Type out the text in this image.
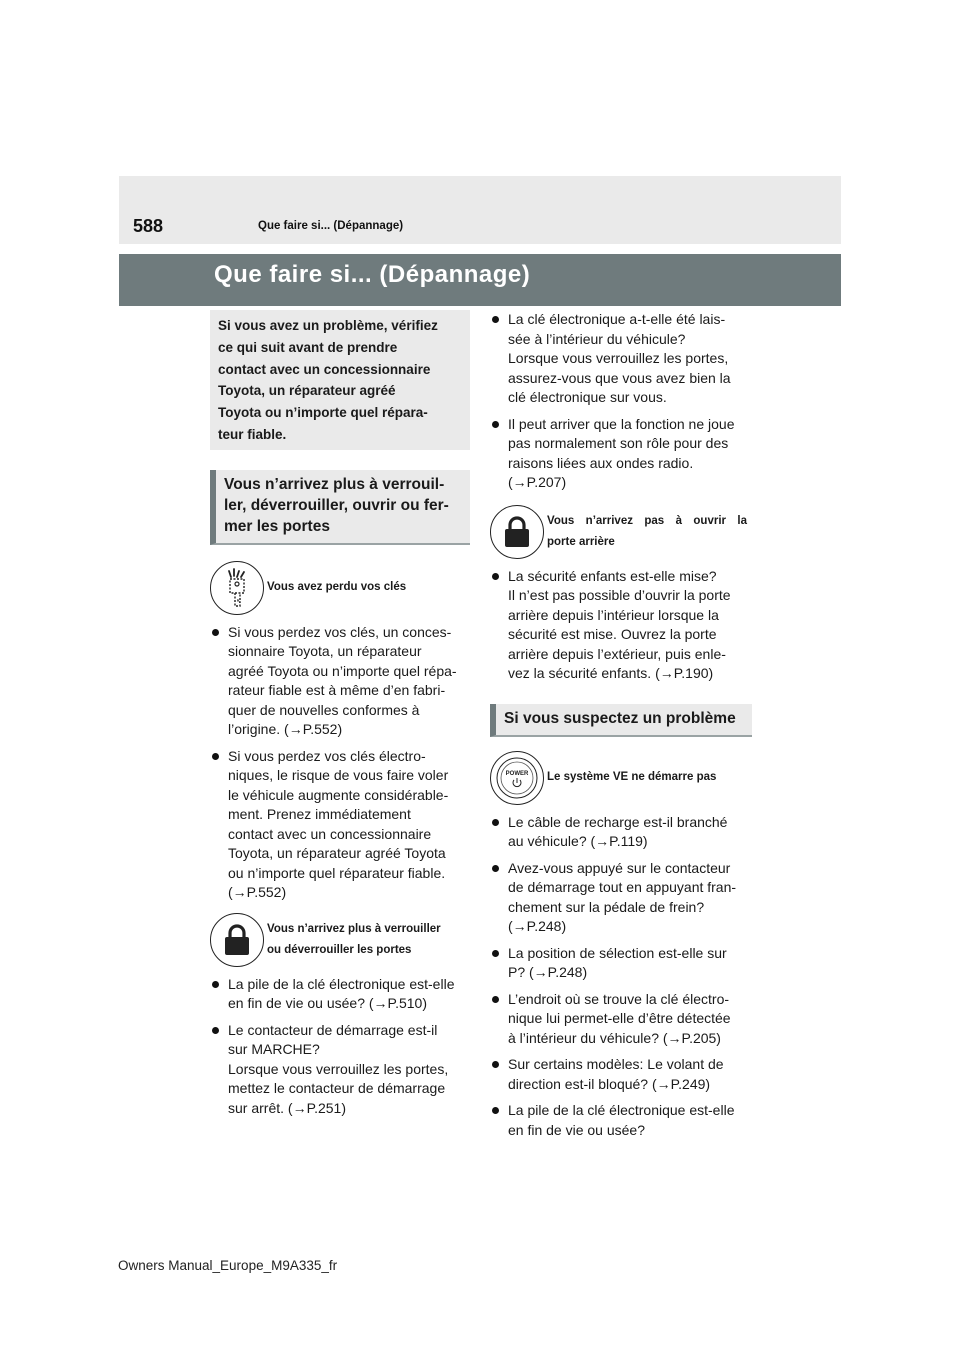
588	Que faire si... (Dépannage)
Que faire si... (Dépannage)
Si vous avez un problème, vérifiez
ce qui suit avant de prendre
contact avec un concessionnaire
Toyota, un réparateur agréé
Toyota ou n’importe quel répara-
teur fiable.
Vous n’arrivez plus à verrouil-
ler, déverrouiller, ouvrir ou fer-
mer les portes
Vous avez perdu vos clés
Si vous perdez vos clés, un conces-
sionnaire Toyota, un réparateur
agréé Toyota ou n’importe quel répa-
rateur fiable est à même d’en fabri-
quer de nouvelles conformes à
l’origine. (→P.552)
Si vous perdez vos clés électro-
niques, le risque de vous faire voler
le véhicule augmente considérable-
ment. Prenez immédiatement
contact avec un concessionnaire
Toyota, un réparateur agréé Toyota
ou n’importe quel réparateur fiable.
(→P.552)
Vous n’arrivez plus à verrouiller
ou déverrouiller les portes
La pile de la clé électronique est-elle
en fin de vie ou usée? (→P.510)
Le contacteur de démarrage est-il
sur MARCHE?
Lorsque vous verrouillez les portes,
mettez le contacteur de démarrage
sur arrêt. (→P.251)
La clé électronique a-t-elle été lais-
sée à l’intérieur du véhicule?
Lorsque vous verrouillez les portes,
assurez-vous que vous avez bien la
clé électronique sur vous.
Il peut arriver que la fonction ne joue
pas normalement son rôle pour des
raisons liées aux ondes radio.
(→P.207)
Vous n’arrivez pas à ouvrir la
porte arrière
La sécurité enfants est-elle mise?
Il n’est pas possible d’ouvrir la porte
arrière depuis l’intérieur lorsque la
sécurité est mise. Ouvrez la porte
arrière depuis l’extérieur, puis enle-
vez la sécurité enfants. (→P.190)
Si vous suspectez un problème
POWER Le système VE ne démarre pas
Le câble de recharge est-il branché
au véhicule? (→P.119)
Avez-vous appuyé sur le contacteur
de démarrage tout en appuyant fran-
chement sur la pédale de frein?
(→P.248)
La position de sélection est-elle sur
P? (→P.248)
L’endroit où se trouve la clé électro-
nique lui permet-elle d’être détectée
à l’intérieur du véhicule? (→P.205)
Sur certains modèles: Le volant de
direction est-il bloqué? (→P.249)
La pile de la clé électronique est-elle
en fin de vie ou usée?
Owners Manual_Europe_M9A335_fr
